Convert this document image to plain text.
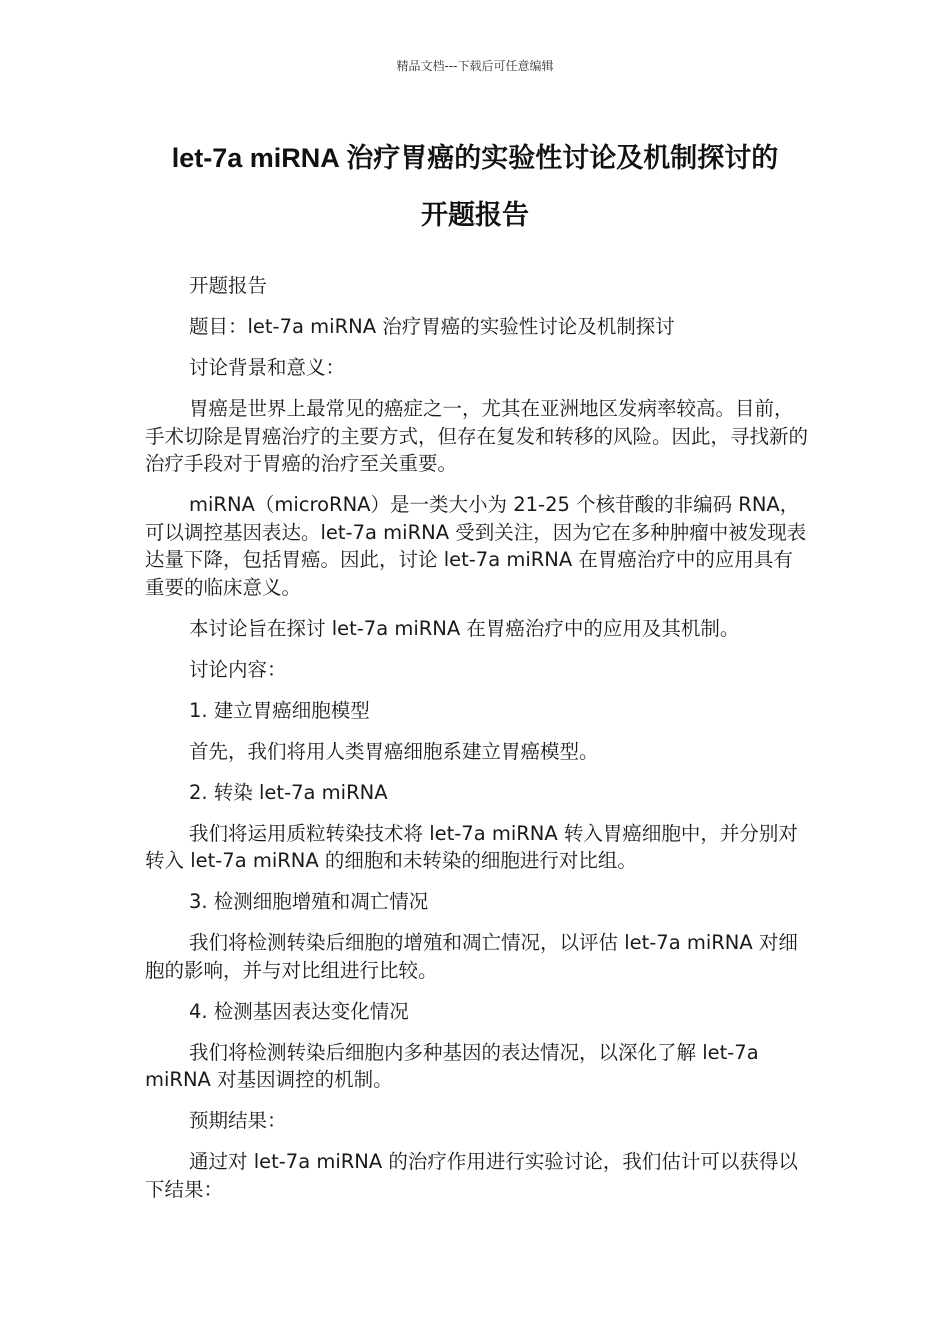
精品文档---下载后可任意编辑
let-7a miRNA 治疗胃癌的实验性讨论及机制探讨的
开题报告

开题报告

题目：let-7a miRNA 治疗胃癌的实验性讨论及机制探讨

讨论背景和意义：

胃癌是世界上最常见的癌症之一，尤其在亚洲地区发病率较高。目前，手术切除是胃癌治疗的主要方式，但存在复发和转移的风险。因此，寻找新的治疗手段对于胃癌的治疗至关重要。

miRNA（microRNA）是一类大小为 21-25 个核苷酸的非编码 RNA，可以调控基因表达。let-7a miRNA 受到关注，因为它在多种肿瘤中被发现表达量下降，包括胃癌。因此，讨论 let-7a miRNA 在胃癌治疗中的应用具有重要的临床意义。

本讨论旨在探讨 let-7a miRNA 在胃癌治疗中的应用及其机制。

讨论内容：

1. 建立胃癌细胞模型

首先，我们将用人类胃癌细胞系建立胃癌模型。

2. 转染 let-7a miRNA

我们将运用质粒转染技术将 let-7a miRNA 转入胃癌细胞中，并分别对转入 let-7a miRNA 的细胞和未转染的细胞进行对比组。

3. 检测细胞增殖和凋亡情况

我们将检测转染后细胞的增殖和凋亡情况，以评估 let-7a miRNA 对细胞的影响，并与对比组进行比较。

4. 检测基因表达变化情况

我们将检测转染后细胞内多种基因的表达情况，以深化了解 let-7a miRNA 对基因调控的机制。

预期结果：

通过对 let-7a miRNA 的治疗作用进行实验讨论，我们估计可以获得以下结果：
